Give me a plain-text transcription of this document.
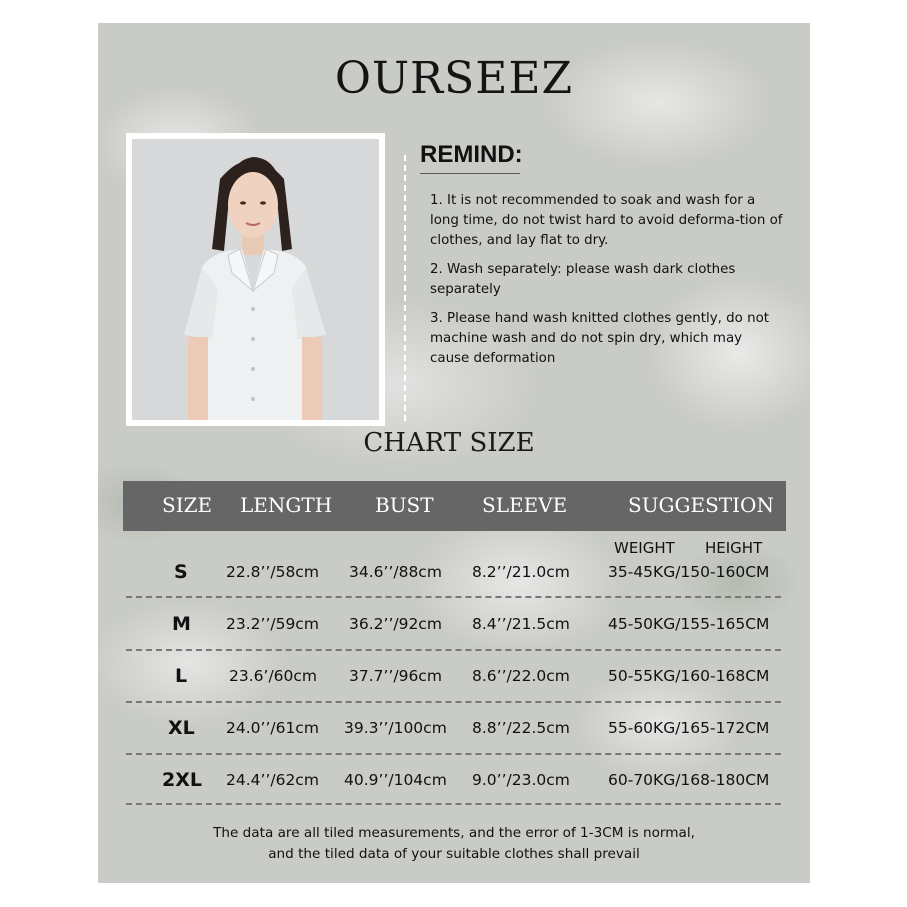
OURSEEZ
REMIND:

1. It is not recommended to soak and wash for a long time, do not twist hard to avoid deforma-tion of clothes, and lay flat to dry.

2. Wash separately: please wash dark clothes separately

3. Please hand wash knitted clothes gently, do not machine wash and do not spin dry, which may cause deformation

CHART SIZE
SIZE LENGTH BUST SLEEVE	SUGGESTION
WEIGHT HEIGHT
S 22.8’’/58cm 34.6’’/88cm 8.2’’/21.0cm 35-45KG/150-160CM
M 23.2’’/59cm 36.2’’/92cm 8.4’’/21.5cm 45-50KG/155-165CM
L	23.6’/60cm 37.7’’/96cm 8.6’’/22.0cm 50-55KG/160-168CM
XL 24.0’’/61cm 39.3’’/100cm 8.8’’/22.5cm 55-60KG/165-172CM
2XL 24.4’’/62cm 40.9’’/104cm 9.0’’/23.0cm 60-70KG/168-180CM
The data are all tiled measurements, and the error of 1-3CM is normal,
and the tiled data of your suitable clothes shall prevail
